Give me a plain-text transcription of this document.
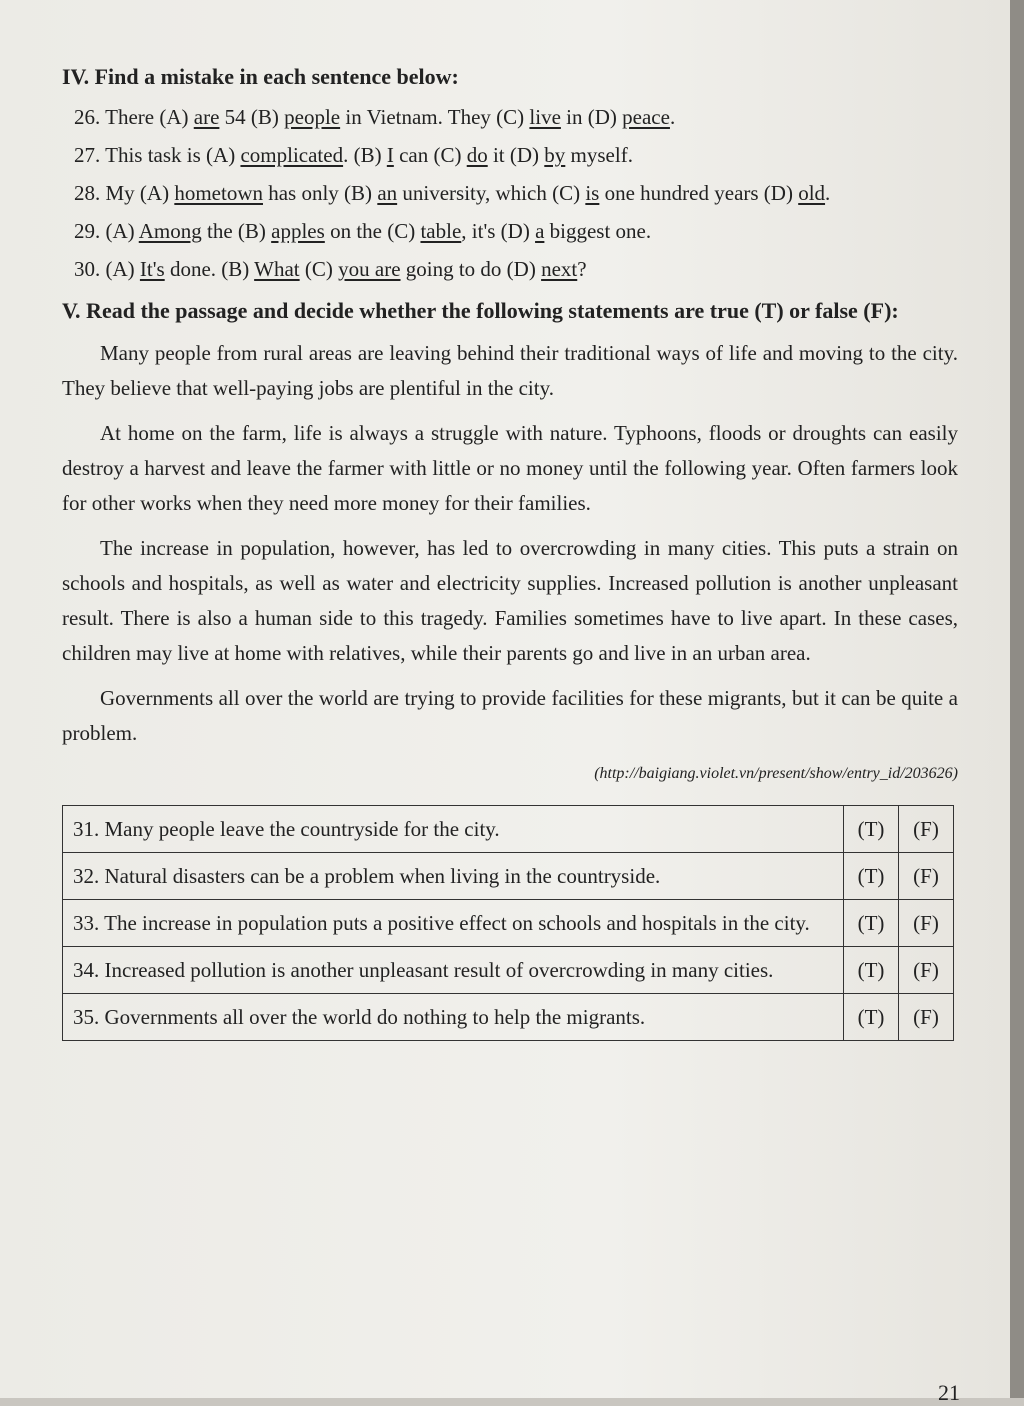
IV. Find a mistake in each sentence below:

26. There (A) are 54 (B) people in Vietnam. They (C) live in (D) peace.

27. This task is (A) complicated. (B) I can (C) do it (D) by myself.

28. My (A) hometown has only (B) an university, which (C) is one hundred years (D) old.

29. (A) Among the (B) apples on the (C) table, it's (D) a biggest one.

30. (A) It's done. (B) What (C) you are going to do (D) next?

V. Read the passage and decide whether the following statements are true (T) or false (F):

Many people from rural areas are leaving behind their traditional ways of life and moving to the city. They believe that well-paying jobs are plentiful in the city.

At home on the farm, life is always a struggle with nature. Typhoons, floods or droughts can easily destroy a harvest and leave the farmer with little or no money until the following year. Often farmers look for other works when they need more money for their families.

The increase in population, however, has led to overcrowding in many cities. This puts a strain on schools and hospitals, as well as water and electricity supplies. Increased pollution is another unpleasant result. There is also a human side to this tragedy. Families sometimes have to live apart. In these cases, children may live at home with relatives, while their parents go and live in an urban area.

Governments all over the world are trying to provide facilities for these migrants, but it can be quite a problem.

(http://baigiang.violet.vn/present/show/entry_id/203626)

31. Many people leave the countryside for the city.	(T)	(F)
32. Natural disasters can be a problem when living in the countryside.	(T)	(F)
33. The increase in population puts a positive effect on schools and hospitals in the city.	(T)	(F)
34. Increased pollution is another unpleasant result of overcrowding in many cities.	(T)	(F)
35. Governments all over the world do nothing to help the migrants.	(T)	(F)
21
